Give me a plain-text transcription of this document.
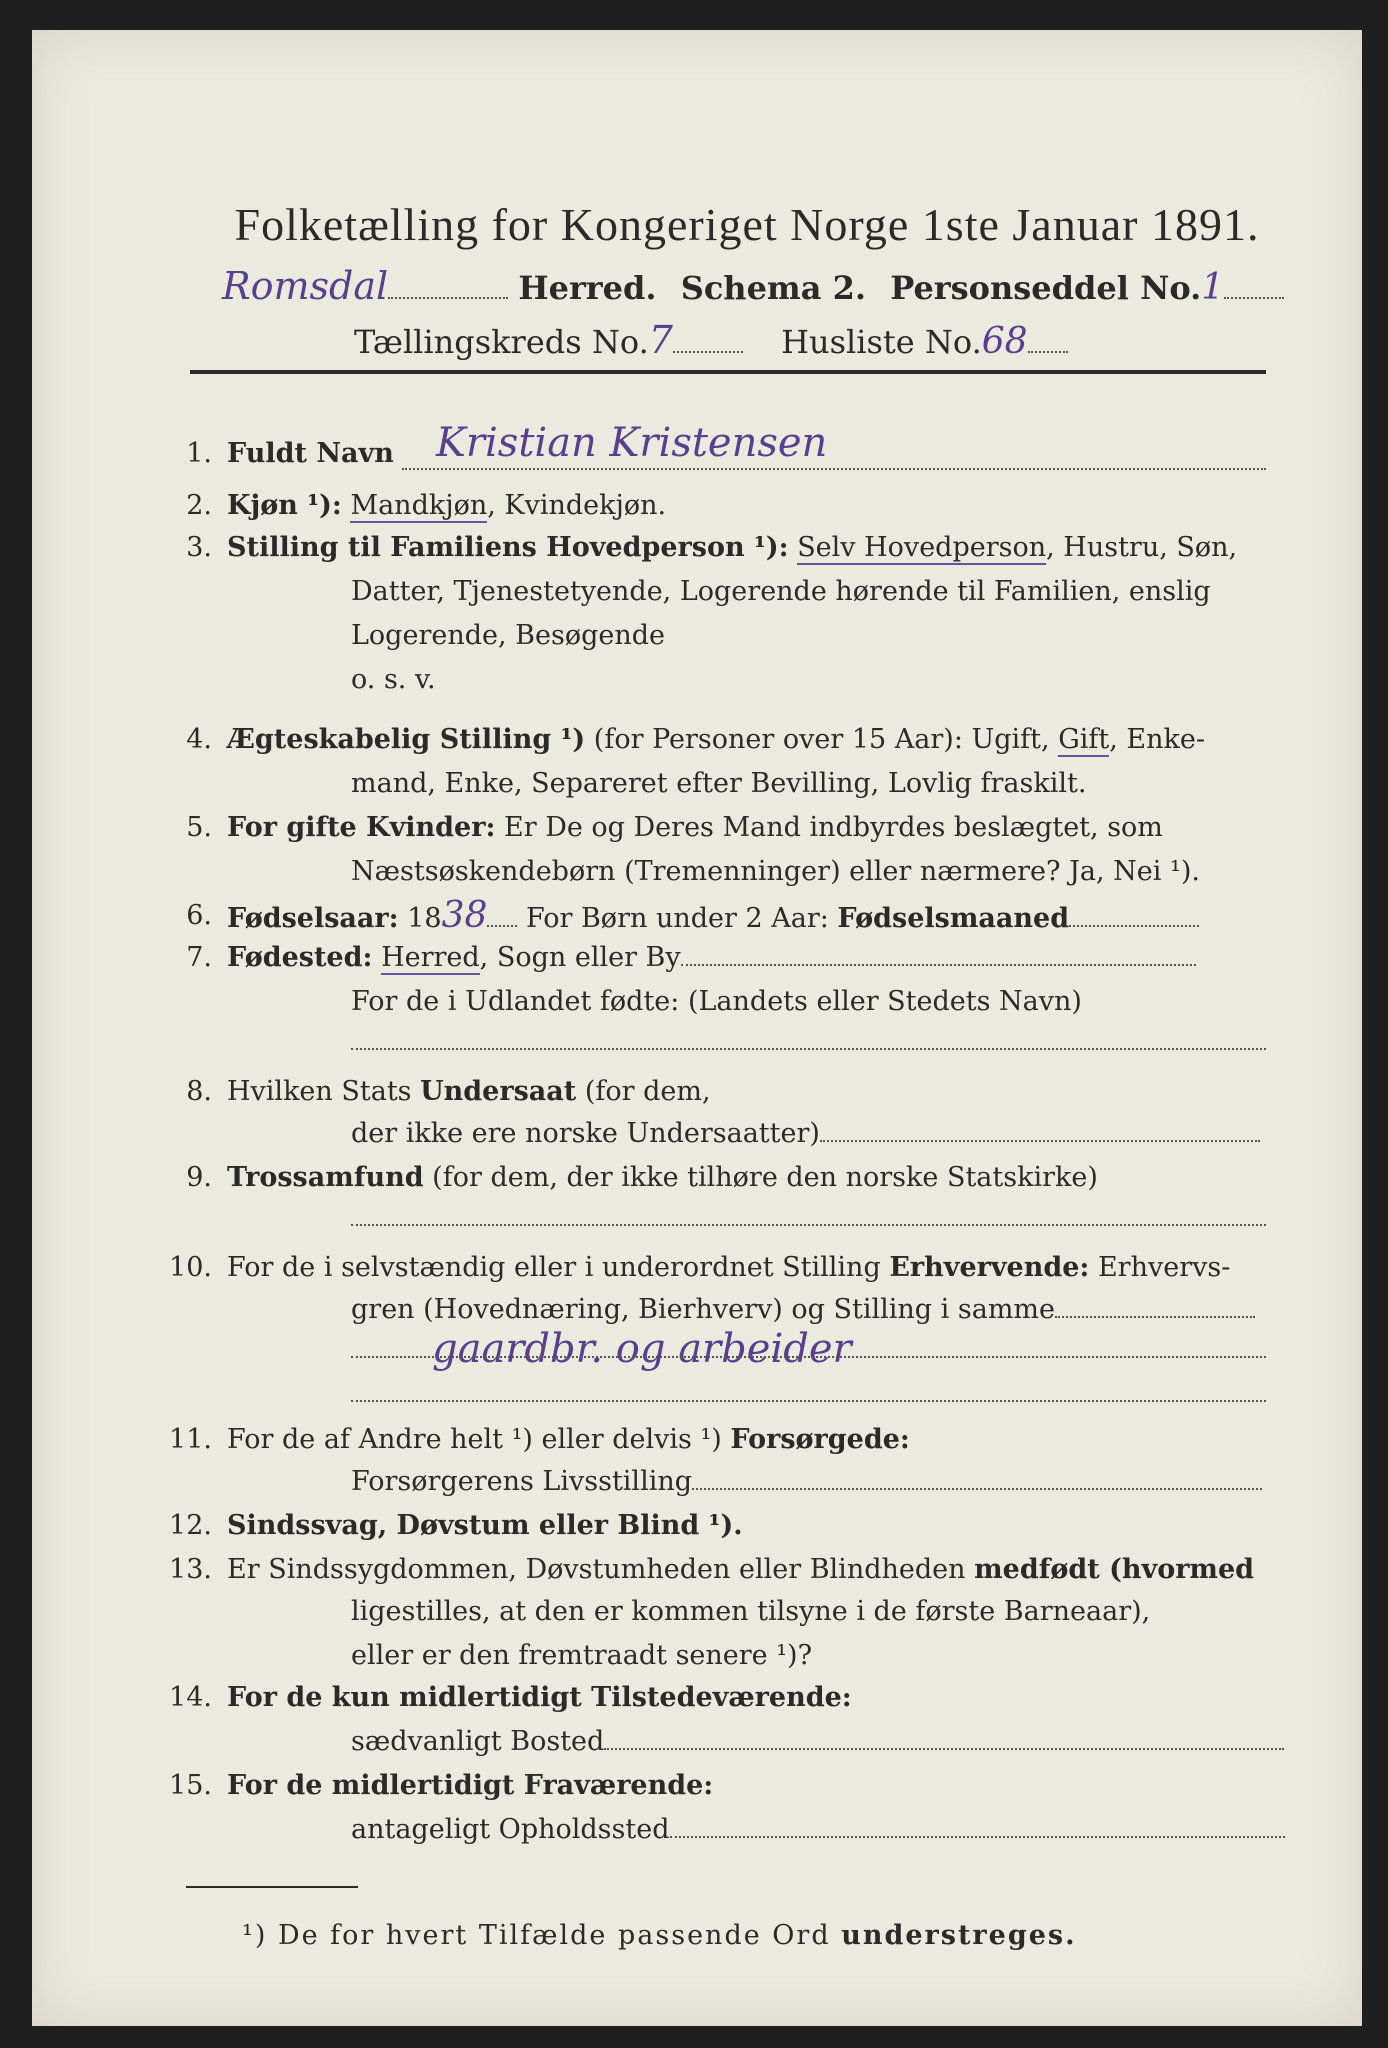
Folketælling for Kongeriget Norge 1ste Januar 1891.
Romsdal	Herred. Schema 2. Personseddel No.1
Tællingskreds No.7	Husliste No.68
1. Fuldt Navn Kristian Kristensen
2. Kjøn ¹): Mandkjøn, Kvindekjøn.
3. Stilling til Familiens Hovedperson ¹): Selv Hovedperson, Hustru, Søn,
Datter, Tjenestetyende, Logerende hørende til Familien, enslig
Logerende, Besøgende
o. s. v.
4. Ægteskabelig Stilling ¹) (for Personer over 15 Aar): Ugift, Gift, Enke-
mand, Enke, Separeret efter Bevilling, Lovlig fraskilt.
5. For gifte Kvinder: Er De og Deres Mand indbyrdes beslægtet, som
Næstsøskendebørn (Tremenninger) eller nærmere? Ja, Nei ¹).
6. Fødselsaar: 1838 For Børn under 2 Aar: Fødselsmaaned
7. Fødested: Herred, Sogn eller By
For de i Udlandet fødte: (Landets eller Stedets Navn)
8. Hvilken Stats Undersaat (for dem,
der ikke ere norske Undersaatter)
9. Trossamfund (for dem, der ikke tilhøre den norske Statskirke)
10. For de i selvstændig eller i underordnet Stilling Erhvervende: Erhvervs-
gren (Hovednæring, Bierhverv) og Stilling i samme
gaardbr. og arbeider
11. For de af Andre helt ¹) eller delvis ¹) Forsørgede:
Forsørgerens Livsstilling
12. Sindssvag, Døvstum eller Blind ¹).
13. Er Sindssygdommen, Døvstumheden eller Blindheden medfødt (hvormed
ligestilles, at den er kommen tilsyne i de første Barneaar),
eller er den fremtraadt senere ¹)?
14. For de kun midlertidigt Tilstedeværende:
sædvanligt Bosted
15. For de midlertidigt Fraværende:
antageligt Opholdssted
¹) De for hvert Tilfælde passende Ord understreges.
